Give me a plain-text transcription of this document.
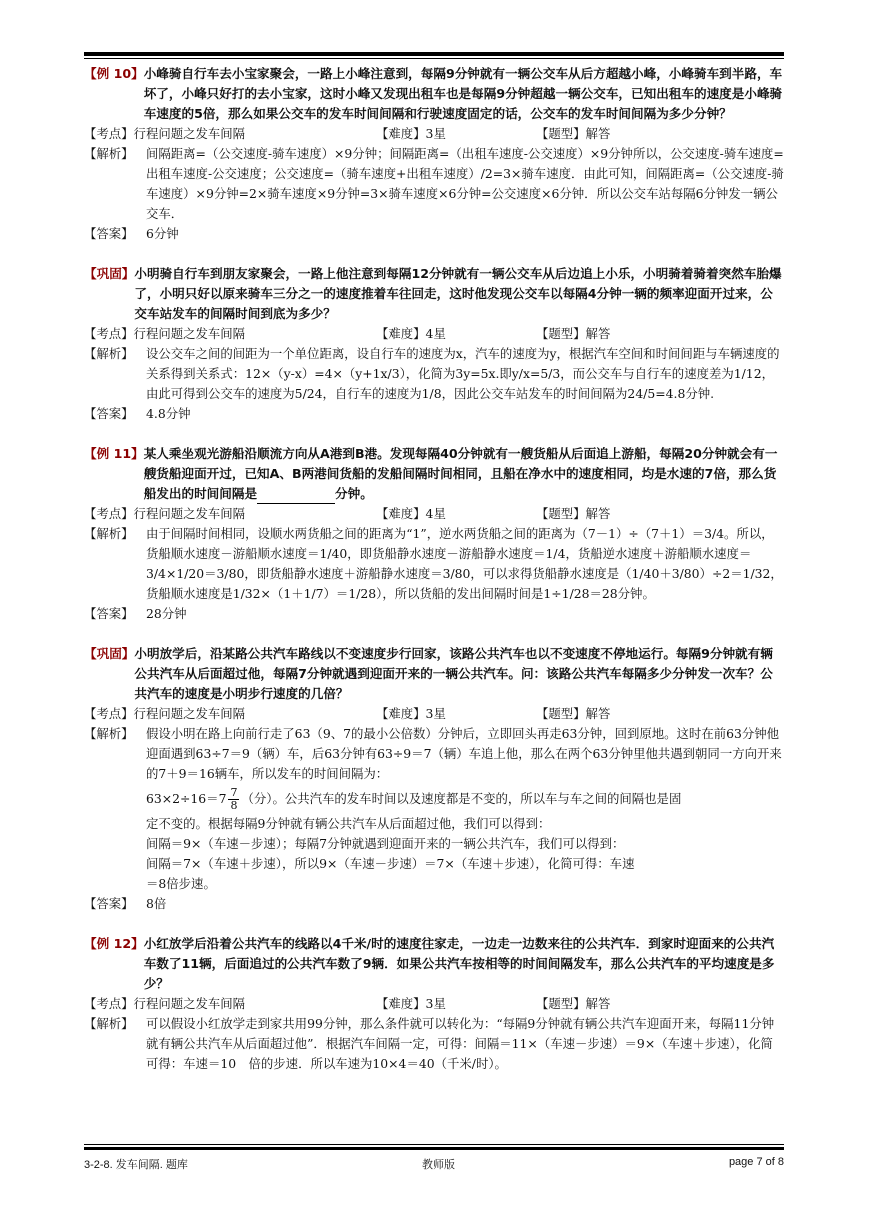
【例 10】 小峰骑自行车去小宝家聚会，一路上小峰注意到，每隔9分钟就有一辆公交车从后方超越小峰，小峰骑车到半路，车坏了，小峰只好打的去小宝家，这时小峰又发现出租车也是每隔9分钟超越一辆公交车，已知出租车的速度是小峰骑车速度的5倍，那么如果公交车的发车时间间隔和行驶速度固定的话，公交车的发车时间间隔为多少分钟？
【考点】行程问题之发车间隔	【难度】3星	【题型】解答
【解析】	间隔距离=（公交速度-骑车速度）×9分钟；间隔距离=（出租车速度-公交速度）×9分钟所以，公交速度-骑车速度=出租车速度-公交速度；公交速度=（骑车速度+出租车速度）/2=3×骑车速度．由此可知，间隔距离=（公交速度-骑车速度）×9分钟=2×骑车速度×9分钟=3×骑车速度×6分钟=公交速度×6分钟．所以公交车站每隔6分钟发一辆公交车．
【答案】	6分钟
【巩固】 小明骑自行车到朋友家聚会，一路上他注意到每隔12分钟就有一辆公交车从后边追上小乐，小明骑着骑着突然车胎爆了，小明只好以原来骑车三分之一的速度推着车往回走，这时他发现公交车以每隔4分钟一辆的频率迎面开过来，公交车站发车的间隔时间到底为多少？
【考点】行程问题之发车间隔	【难度】4星	【题型】解答
【解析】	设公交车之间的间距为一个单位距离，设自行车的速度为x，汽车的速度为y，根据汽车空间和时间间距与车辆速度的关系得到关系式：12×（y-x）=4×（y+1x/3），化简为3y=5x.即y/x=5/3，而公交车与自行车的速度差为1/12，由此可得到公交车的速度为5/24，自行车的速度为1/8，因此公交车站发车的时间间隔为24/5=4.8分钟.
【答案】	4.8分钟
【例 11】 某人乘坐观光游船沿顺流方向从A港到B港。发现每隔40分钟就有一艘货船从后面追上游船，每隔20分钟就会有一艘货船迎面开过，已知A、B两港间货船的发船间隔时间相同，且船在净水中的速度相同，均是水速的7倍，那么货船发出的时间间隔是	分钟。
【考点】行程问题之发车间隔	【难度】4星	【题型】解答
【解析】	由于间隔时间相同，设顺水两货船之间的距离为“1”，逆水两货船之间的距离为（7－1）÷（7＋1）＝3/4。所以，货船顺水速度－游船顺水速度＝1/40，即货船静水速度－游船静水速度＝1/4，货船逆水速度＋游船顺水速度＝3/4×1/20＝3/80，即货船静水速度＋游船静水速度＝3/80，可以求得货船静水速度是（1/40＋3/80）÷2＝1/32，货船顺水速度是1/32×（1＋1/7）＝1/28），所以货船的发出间隔时间是1÷1/28＝28分钟。
【答案】	28分钟
【巩固】 小明放学后，沿某路公共汽车路线以不变速度步行回家，该路公共汽车也以不变速度不停地运行。每隔9分钟就有辆公共汽车从后面超过他，每隔7分钟就遇到迎面开来的一辆公共汽车。问：该路公共汽车每隔多少分钟发一次车？公共汽车的速度是小明步行速度的几倍？
【考点】行程问题之发车间隔	【难度】3星	【题型】解答
【解析】	假设小明在路上向前行走了63（9、7的最小公倍数）分钟后，立即回头再走63分钟，回到原地。这时在前63分钟他迎面遇到63÷7＝9（辆）车，后63分钟有63÷9＝7（辆）车追上他，那么在两个63分钟里他共遇到朝同一方向开来的7＋9＝16辆车，所以发车的时间间隔为：
$63\times 2\div 16=7 \frac{7}{8}$ （分）。公共汽车的发车时间以及速度都是不变的，所以车与车之间的间隔也是固
定不变的。根据每隔9分钟就有辆公共汽车从后面超过他，我们可以得到：
间隔＝9×（车速－步速）；每隔7分钟就遇到迎面开来的一辆公共汽车，我们可以得到：
间隔＝7×（车速＋步速），所以9×（车速－步速）＝7×（车速＋步速），化简可得：车速
＝8倍步速。
【答案】	8倍
【例 12】 小红放学后沿着公共汽车的线路以4千米/时的速度往家走，一边走一边数来往的公共汽车．到家时迎面来的公共汽车数了11辆，后面追过的公共汽车数了9辆．如果公共汽车按相等的时间间隔发车，那么公共汽车的平均速度是多少？
【考点】行程问题之发车间隔	【难度】3星	【题型】解答
【解析】	可以假设小红放学走到家共用99分钟，那么条件就可以转化为：“每隔9分钟就有辆公共汽车迎面开来，每隔11分钟就有辆公共汽车从后面超过他”．根据汽车间隔一定，可得：间隔＝11×（车速－步速）＝9×（车速＋步速），化简可得：车速＝10　倍的步速．所以车速为10×4＝40（千米/时）。
3-2-8. 发车间隔. 题库	教师版	page 7 of 8
